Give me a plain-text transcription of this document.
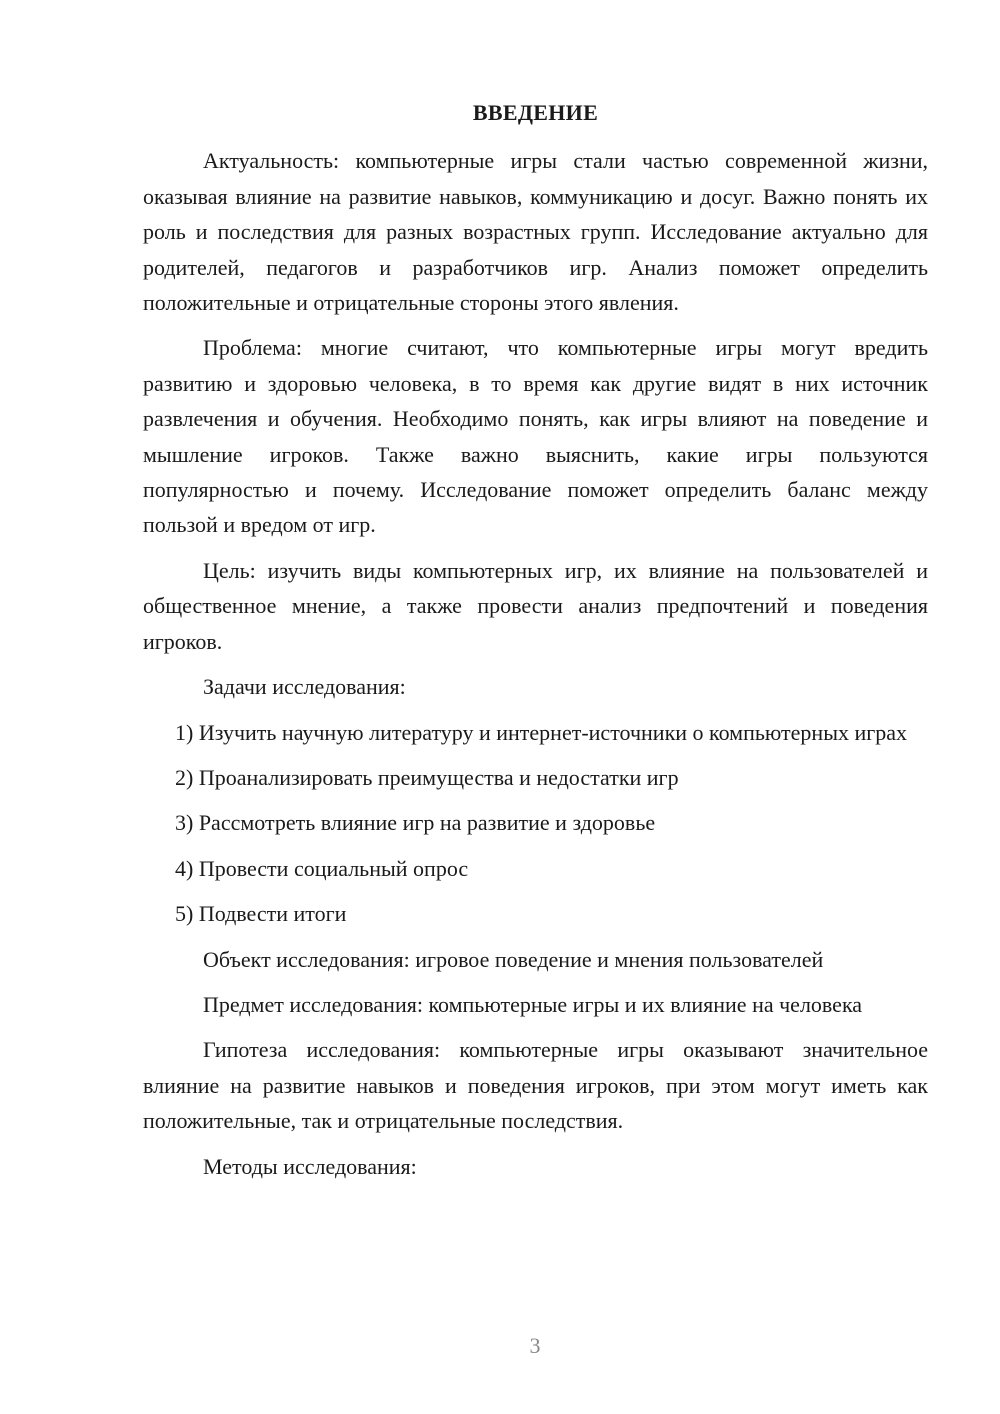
ВВЕДЕНИЕ

Актуальность: компьютерные игры стали частью современной жизни, оказывая влияние на развитие навыков, коммуникацию и досуг. Важно понять их роль и последствия для разных возрастных групп. Исследование актуально для родителей, педагогов и разработчиков игр. Анализ поможет определить положительные и отрицательные стороны этого явления.

Проблема: многие считают, что компьютерные игры могут вредить развитию и здоровью человека, в то время как другие видят в них источник развлечения и обучения. Необходимо понять, как игры влияют на поведение и мышление игроков. Также важно выяснить, какие игры пользуются популярностью и почему. Исследование поможет определить баланс между пользой и вредом от игр.

Цель: изучить виды компьютерных игр, их влияние на пользователей и общественное мнение, а также провести анализ предпочтений и поведения игроков.

Задачи исследования:

1) Изучить научную литературу и интернет-источники о компьютерных играх

2) Проанализировать преимущества и недостатки игр

3) Рассмотреть влияние игр на развитие и здоровье

4) Провести социальный опрос

5) Подвести итоги

Объект исследования: игровое поведение и мнения пользователей

Предмет исследования: компьютерные игры и их влияние на человека

Гипотеза исследования: компьютерные игры оказывают значительное влияние на развитие навыков и поведения игроков, при этом могут иметь как положительные, так и отрицательные последствия.

Методы исследования:

3
